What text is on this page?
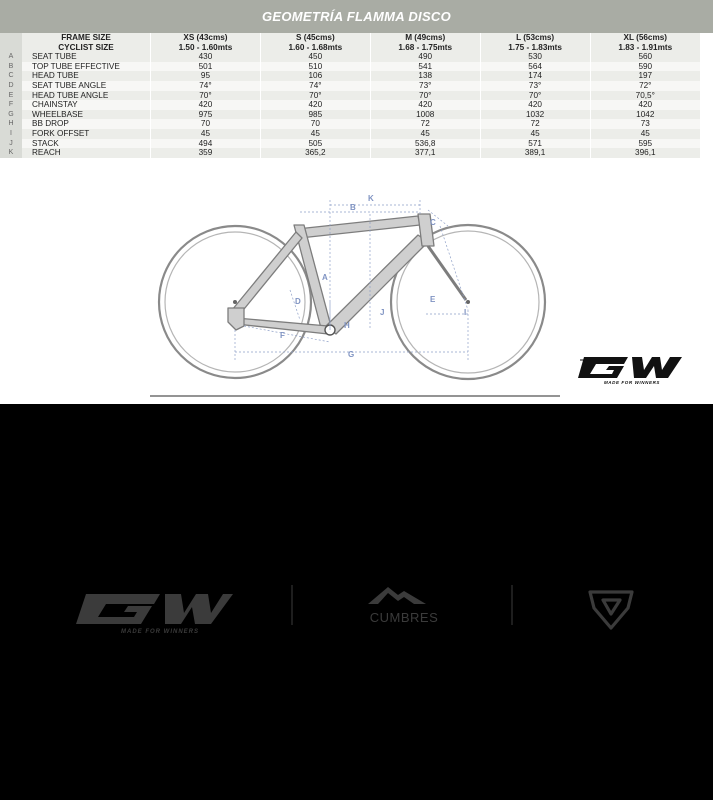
GEOMETRÍA FLAMMA DISCO
	FRAME SIZE	XS (43cms)	S (45cms)	M (49cms)	L (53cms)	XL (56cms)
	CYCLIST SIZE	1.50 - 1.60mts	1.60 - 1.68mts	1.68 - 1.75mts	1.75 - 1.83mts	1.83 - 1.91mts
A	SEAT TUBE	430	450	490	530	560
B	TOP TUBE EFFECTIVE	501	510	541	564	590
C	HEAD TUBE	95	106	138	174	197
D	SEAT TUBE ANGLE	74°	74°	73°	73°	72°
E	HEAD TUBE ANGLE	70°	70°	70°	70°	70,5°
F	CHAINSTAY	420	420	420	420	420
G	WHEELBASE	975	985	1008	1032	1042
H	BB DROP	70	70	72	72	73
I	FORK OFFSET	45	45	45	45	45
J	STACK	494	505	536,8	571	595
K	REACH	359	365,2	377,1	389,1	396,1
K
B
C
A
D	E
I
J
H
F
G
MADE FOR WINNERS
MADE FOR WINNERS
CUMBRES
